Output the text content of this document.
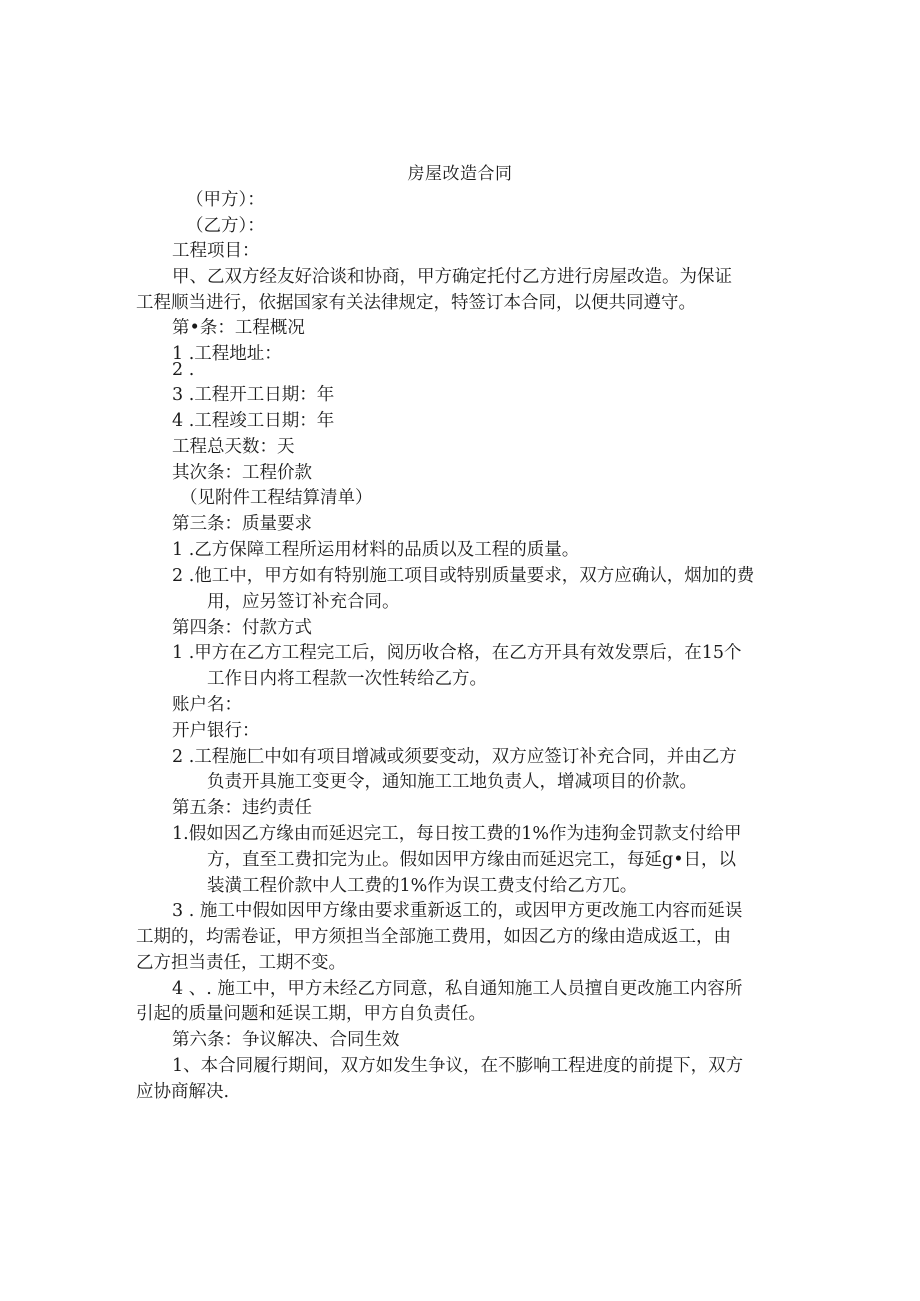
房屋改造合同
（甲方）：
（乙方）：
工程项目：
甲、乙双方经友好洽谈和协商，甲方确定托付乙方进行房屋改造。为保证
工程顺当进行，依据国家有关法律规定，特签订本合同，以便共同遵守。
第•条：工程概况
1 .工程地址：
2 .
3 .工程开工日期：年
4 .工程竣工日期：年
工程总天数：天
其次条：工程价款
（见附件工程结算清单）
第三条：质量要求
1 .乙方保障工程所运用材料的品质以及工程的质量。
2 .他工中，甲方如有特别施工项目或特别质量要求，双方应确认，烟加的费
用，应另签订补充合同。
第四条：付款方式
1 .甲方在乙方工程完工后，阅历收合格，在乙方开具有效发票后，在15个
工作日内将工程款一次性转给乙方。
账户名：
开户银行：
2 .工程施匚中如有项目增减或须要变动，双方应签订补充合同，并由乙方
负责开具施工变更令，通知施工工地负责人，增减项目的价款。
第五条：违约责任
1.假如因乙方缘由而延迟完工，每日按工费的1%作为违狗金罚款支付给甲
方，直至工费扣完为止。假如因甲方缘由而延迟完工，每延g•日，以
装潢工程价款中人工费的1%作为误工费支付给乙方兀。
3 . 施工中假如因甲方缘由要求重新返工的，或因甲方更改施工内容而延误
工期的，均需卷证，甲方须担当全部施工费用，如因乙方的缘由造成返工，由
乙方担当责任，工期不变。
4 、. 施工中，甲方未经乙方同意，私自通知施工人员擅自更改施工内容所
引起的质量问题和延误工期，甲方自负责任。
第六条：争议解决、合同生效
1、本合同履行期间，双方如发生争议，在不膨响工程进度的前提下，双方
应协商解决.
